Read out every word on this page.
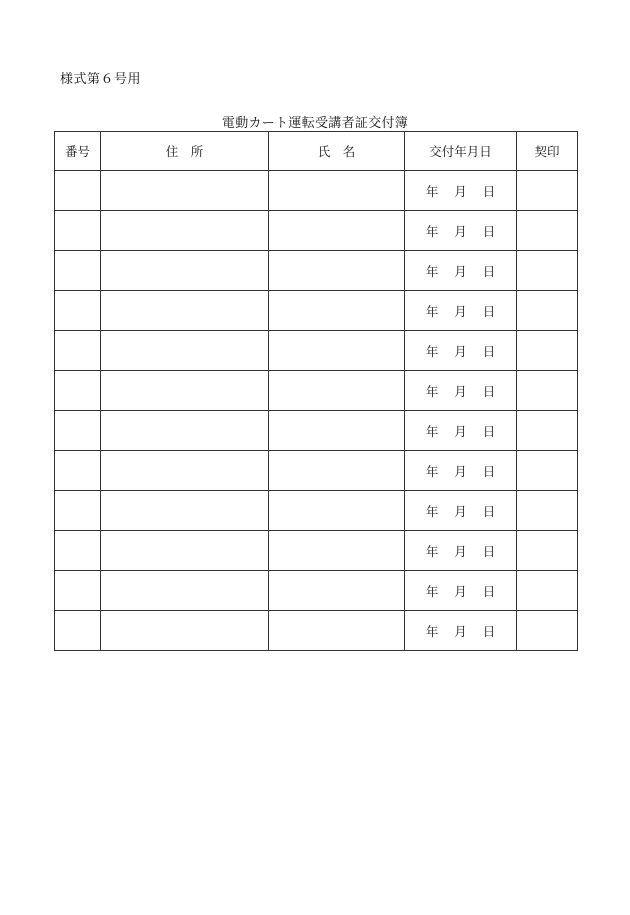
様式第６号用
電動カート運転受講者証交付簿
番号	住　所	氏　名	交付年月日	契印
			年 月 日	
			年 月 日	
			年 月 日	
			年 月 日	
			年 月 日	
			年 月 日	
			年 月 日	
			年 月 日	
			年 月 日	
			年 月 日	
			年 月 日	
			年 月 日	
